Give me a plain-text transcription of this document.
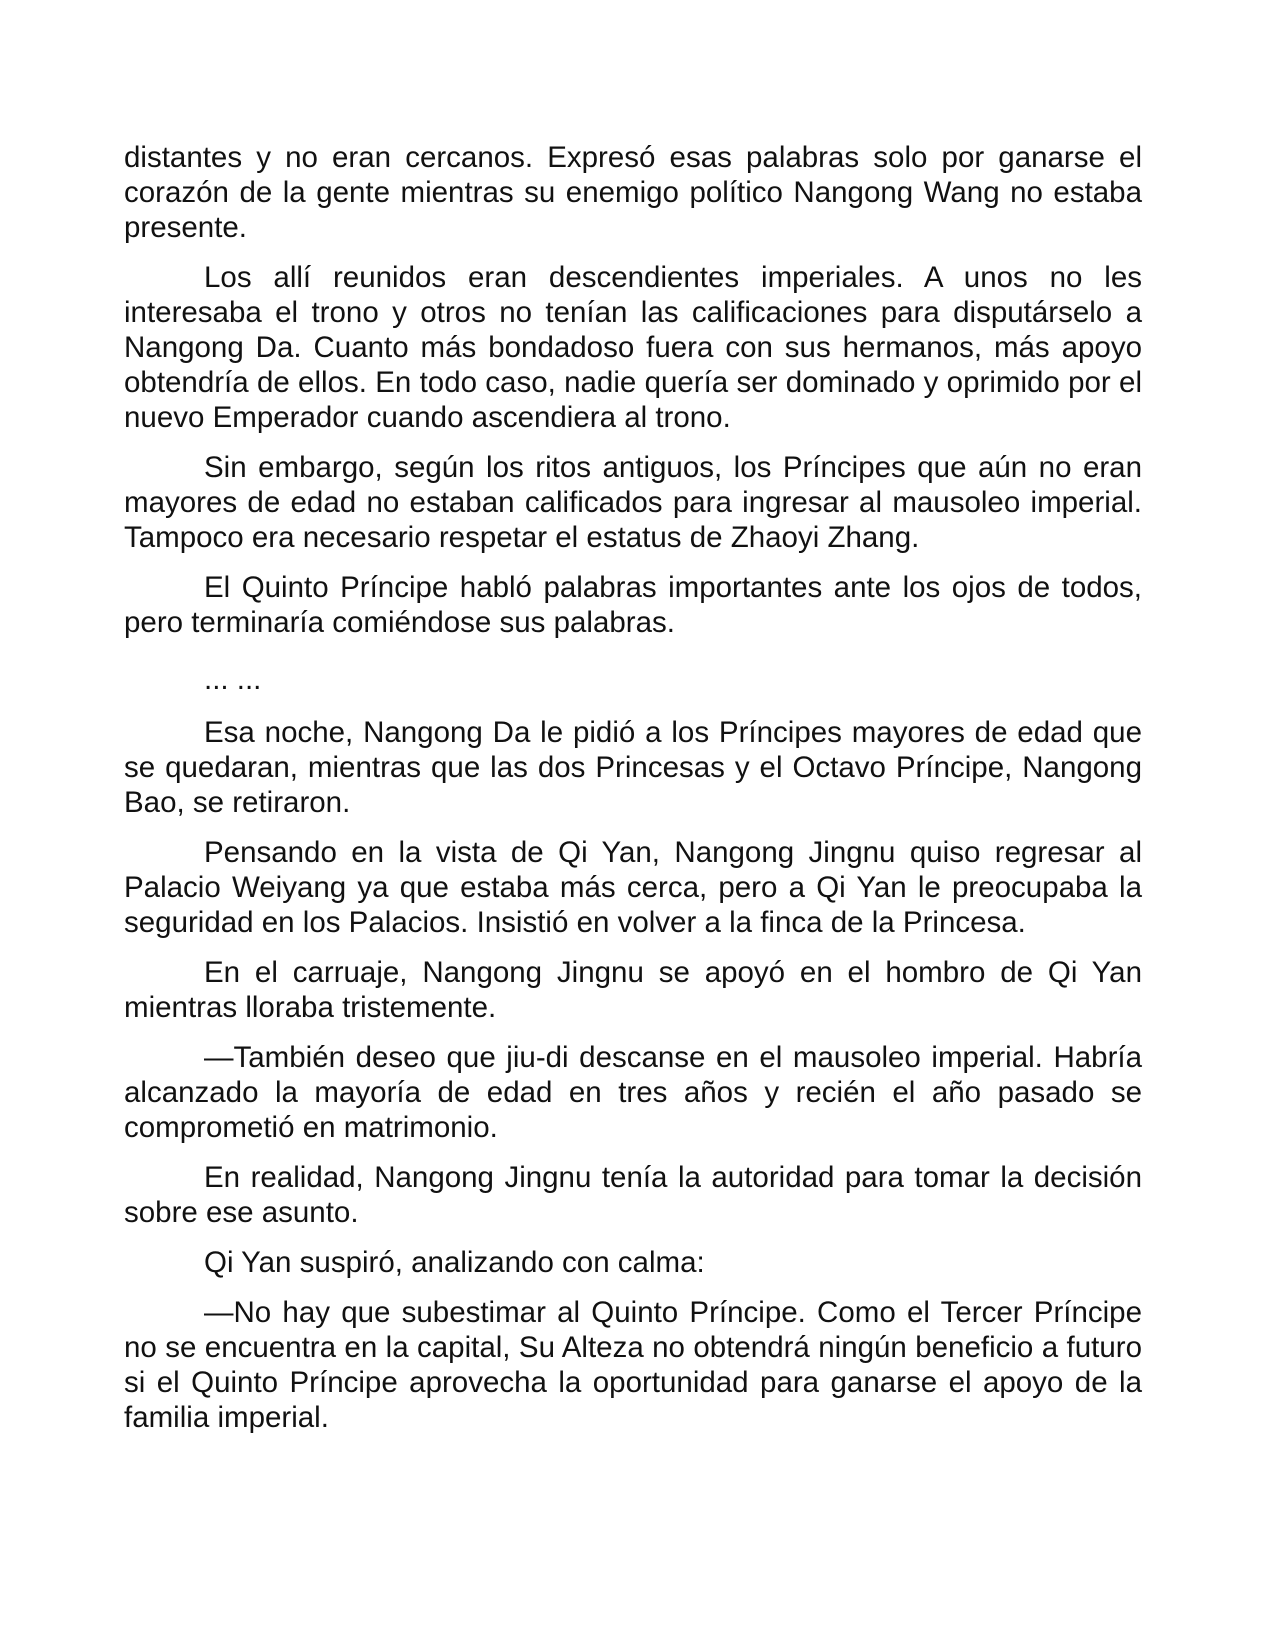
distantes y no eran cercanos. Expresó esas palabras solo por ganarse el corazón de la gente mientras su enemigo político Nangong Wang no estaba presente.

Los allí reunidos eran descendientes imperiales. A unos no les interesaba el trono y otros no tenían las calificaciones para disputárselo a Nangong Da. Cuanto más bondadoso fuera con sus hermanos, más apoyo obtendría de ellos. En todo caso, nadie quería ser dominado y oprimido por el nuevo Emperador cuando ascendiera al trono.

Sin embargo, según los ritos antiguos, los Príncipes que aún no eran mayores de edad no estaban calificados para ingresar al mausoleo imperial. Tampoco era necesario respetar el estatus de Zhaoyi Zhang.

El Quinto Príncipe habló palabras importantes ante los ojos de todos, pero terminaría comiéndose sus palabras.

... ...

Esa noche, Nangong Da le pidió a los Príncipes mayores de edad que se quedaran, mientras que las dos Princesas y el Octavo Príncipe, Nangong Bao, se retiraron.

Pensando en la vista de Qi Yan, Nangong Jingnu quiso regresar al Palacio Weiyang ya que estaba más cerca, pero a Qi Yan le preocupaba la seguridad en los Palacios. Insistió en volver a la finca de la Princesa.

En el carruaje, Nangong Jingnu se apoyó en el hombro de Qi Yan mientras lloraba tristemente.

—También deseo que jiu-di descanse en el mausoleo imperial. Habría alcanzado la mayoría de edad en tres años y recién el año pasado se comprometió en matrimonio.

En realidad, Nangong Jingnu tenía la autoridad para tomar la decisión sobre ese asunto.

Qi Yan suspiró, analizando con calma:

—No hay que subestimar al Quinto Príncipe. Como el Tercer Príncipe no se encuentra en la capital, Su Alteza no obtendrá ningún beneficio a futuro si el Quinto Príncipe aprovecha la oportunidad para ganarse el apoyo de la familia imperial.
